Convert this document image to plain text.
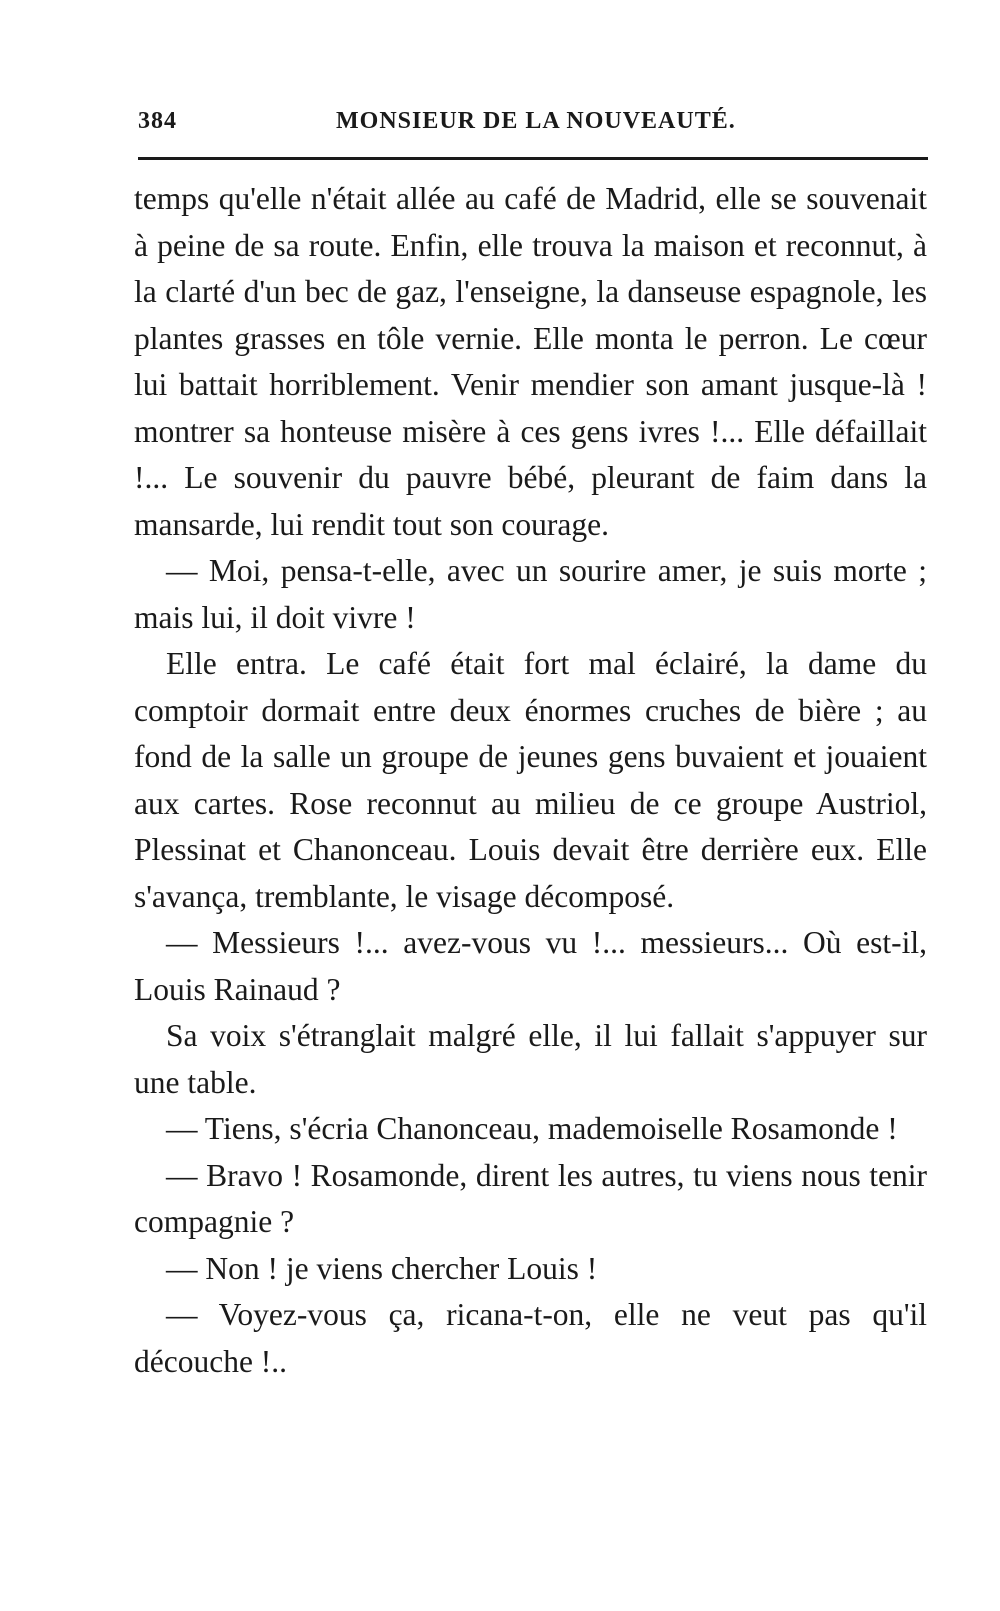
384	MONSIEUR DE LA NOUVEAUTÉ.

temps qu'elle n'était allée au café de Madrid, elle se souvenait à peine de sa route. Enfin, elle trouva la maison et reconnut, à la clarté d'un bec de gaz, l'enseigne, la danseuse espagnole, les plantes grasses en tôle vernie. Elle monta le perron. Le cœur lui battait horriblement. Venir mendier son amant jusque-là ! montrer sa honteuse misère à ces gens ivres !... Elle défaillait !... Le souvenir du pauvre bébé, pleurant de faim dans la mansarde, lui rendit tout son courage.

— Moi, pensa-t-elle, avec un sourire amer, je suis morte ; mais lui, il doit vivre !

Elle entra. Le café était fort mal éclairé, la dame du comptoir dormait entre deux énormes cruches de bière ; au fond de la salle un groupe de jeunes gens buvaient et jouaient aux cartes. Rose reconnut au milieu de ce groupe Austriol, Plessinat et Chanonceau. Louis devait être derrière eux. Elle s'avança, tremblante, le visage décomposé.

— Messieurs !... avez-vous vu !... messieurs... Où est-il, Louis Rainaud ?

Sa voix s'étranglait malgré elle, il lui fallait s'appuyer sur une table.

— Tiens, s'écria Chanonceau, mademoiselle Rosamonde !

— Bravo ! Rosamonde, dirent les autres, tu viens nous tenir compagnie ?

— Non ! je viens chercher Louis !

— Voyez-vous ça, ricana-t-on, elle ne veut pas qu'il découche !..
